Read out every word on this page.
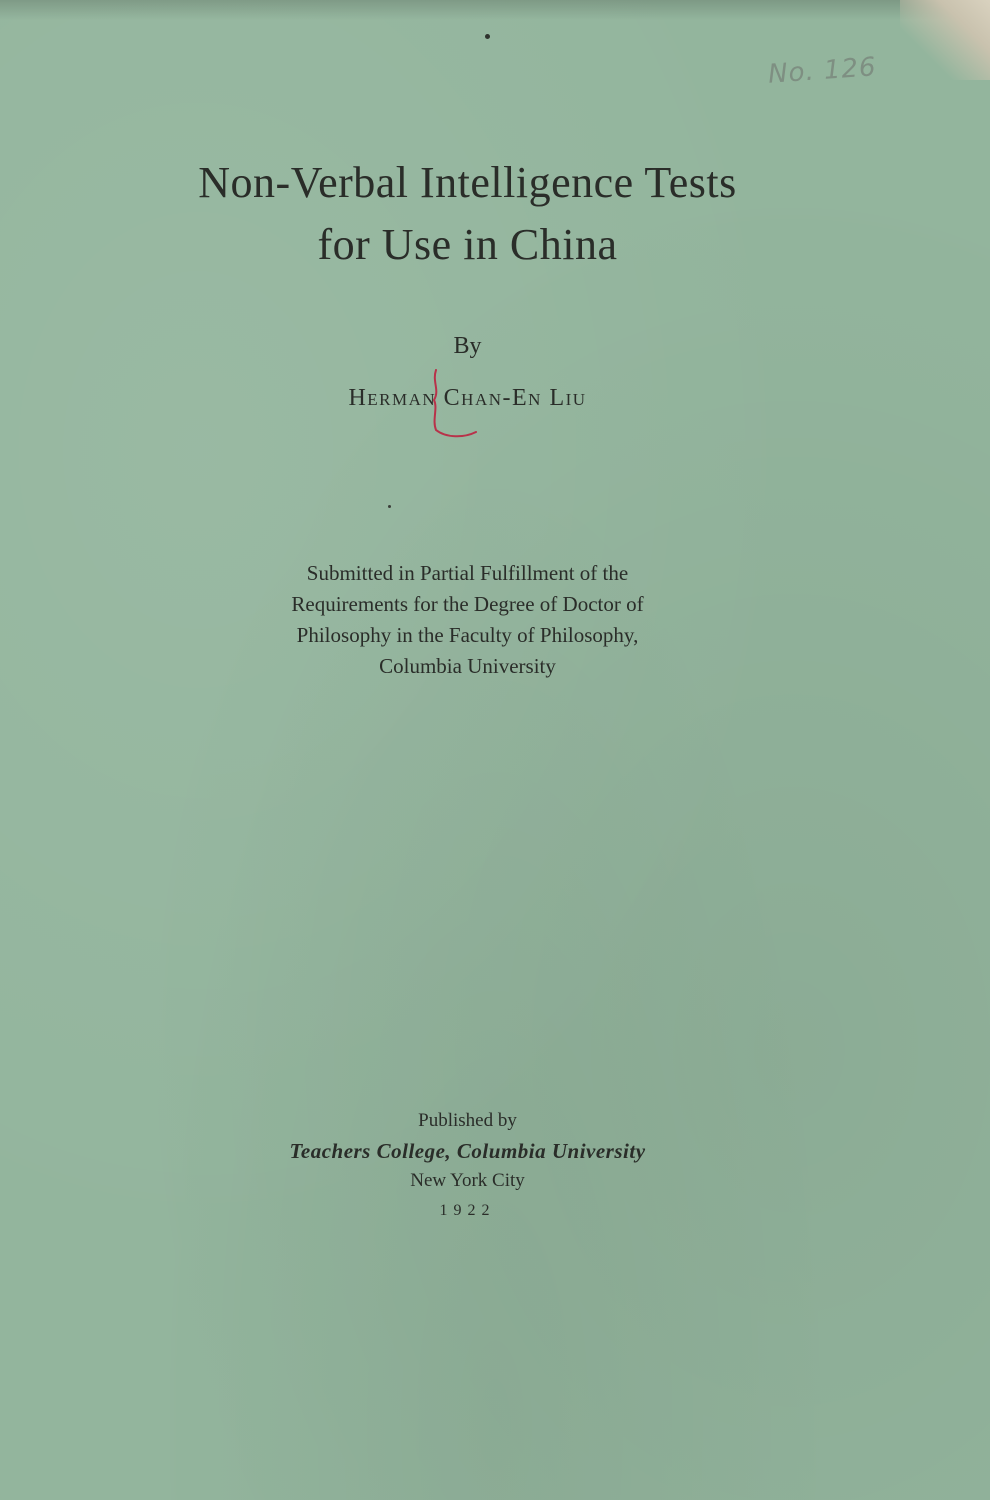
No. 126
Non-Verbal Intelligence Tests
for Use in China
By
Herman Chan-En Liu
Submitted in Partial Fulfillment of the
Requirements for the Degree of Doctor of
Philosophy in the Faculty of Philosophy,
Columbia University
Published by
Teachers College, Columbia University
New York City
1922
